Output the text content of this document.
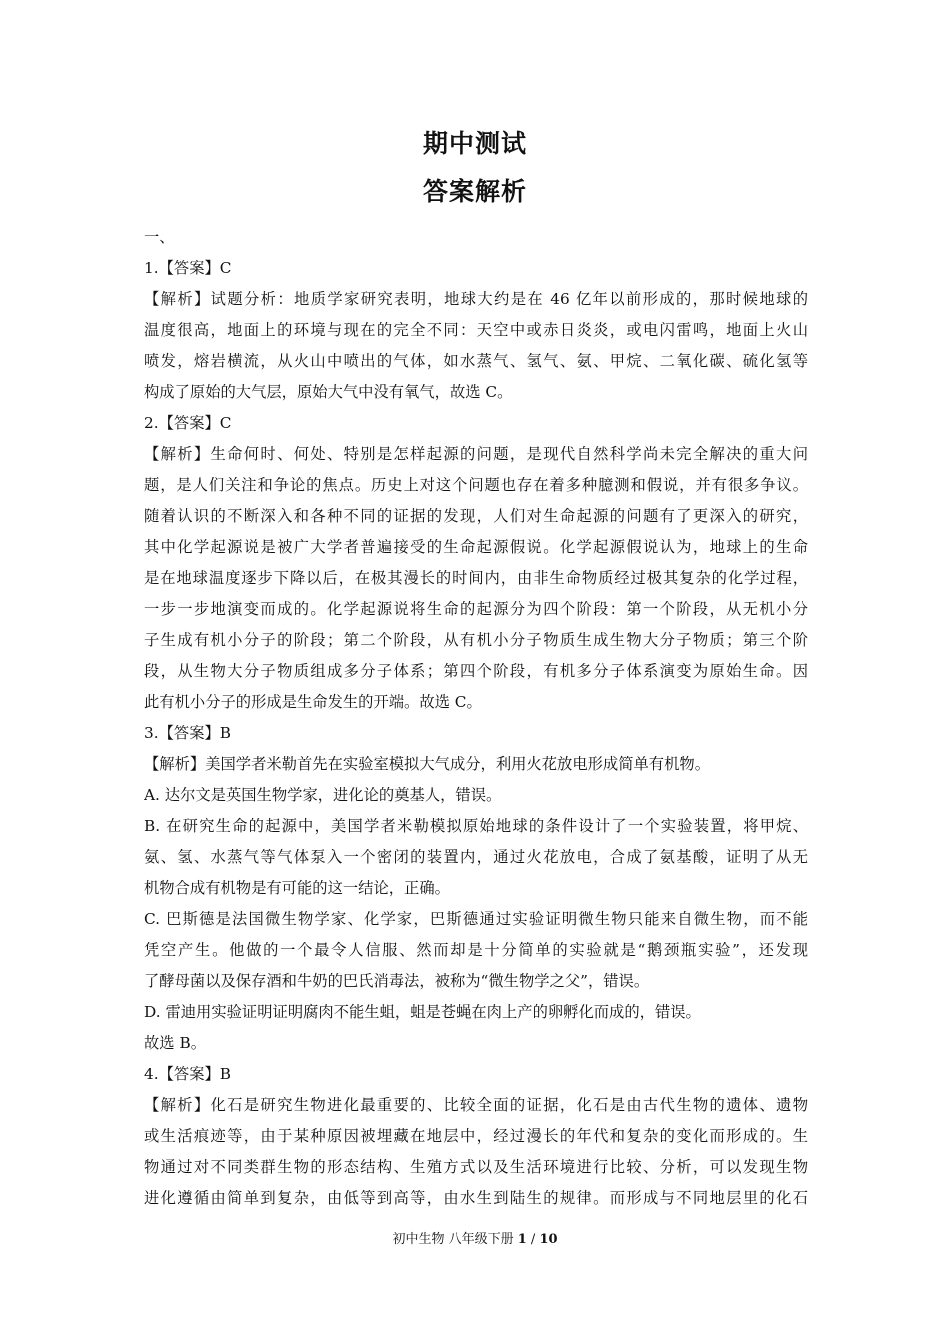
期中测试
答案解析
一、
1.【答案】C
【解析】试题分析：地质学家研究表明，地球大约是在 46 亿年以前形成的，那时候地球的
温度很高，地面上的环境与现在的完全不同：天空中或赤日炎炎，或电闪雷鸣，地面上火山
喷发，熔岩横流，从火山中喷出的气体，如水蒸气、氢气、氨、甲烷、二氧化碳、硫化氢等
构成了原始的大气层，原始大气中没有氧气，故选 C。
2.【答案】C
【解析】生命何时、何处、特别是怎样起源的问题，是现代自然科学尚未完全解决的重大问
题，是人们关注和争论的焦点。历史上对这个问题也存在着多种臆测和假说，并有很多争议。
随着认识的不断深入和各种不同的证据的发现，人们对生命起源的问题有了更深入的研究，
其中化学起源说是被广大学者普遍接受的生命起源假说。化学起源假说认为，地球上的生命
是在地球温度逐步下降以后，在极其漫长的时间内，由非生命物质经过极其复杂的化学过程，
一步一步地演变而成的。化学起源说将生命的起源分为四个阶段：第一个阶段，从无机小分
子生成有机小分子的阶段；第二个阶段，从有机小分子物质生成生物大分子物质；第三个阶
段，从生物大分子物质组成多分子体系；第四个阶段，有机多分子体系演变为原始生命。因
此有机小分子的形成是生命发生的开端。故选 C。
3.【答案】B
【解析】美国学者米勒首先在实验室模拟大气成分，利用火花放电形成简单有机物。
A. 达尔文是英国生物学家，进化论的奠基人，错误。
B. 在研究生命的起源中，美国学者米勒模拟原始地球的条件设计了一个实验装置，将甲烷、
氨、氢、水蒸气等气体泵入一个密闭的装置内，通过火花放电，合成了氨基酸，证明了从无
机物合成有机物是有可能的这一结论，正确。
C. 巴斯德是法国微生物学家、化学家，巴斯德通过实验证明微生物只能来自微生物，而不能
凭空产生。他做的一个最令人信服、然而却是十分简单的实验就是“鹅颈瓶实验”，还发现
了酵母菌以及保存酒和牛奶的巴氏消毒法，被称为“微生物学之父”，错误。
D. 雷迪用实验证明证明腐肉不能生蛆，蛆是苍蝇在肉上产的卵孵化而成的，错误。
故选 B。
4.【答案】B
【解析】化石是研究生物进化最重要的、比较全面的证据，化石是由古代生物的遗体、遗物
或生活痕迹等，由于某种原因被埋藏在地层中，经过漫长的年代和复杂的变化而形成的。生
物通过对不同类群生物的形态结构、生殖方式以及生活环境进行比较、分析，可以发现生物
进化遵循由简单到复杂，由低等到高等，由水生到陆生的规律。而形成与不同地层里的化石
初中生物 八年级下册 1 / 10
